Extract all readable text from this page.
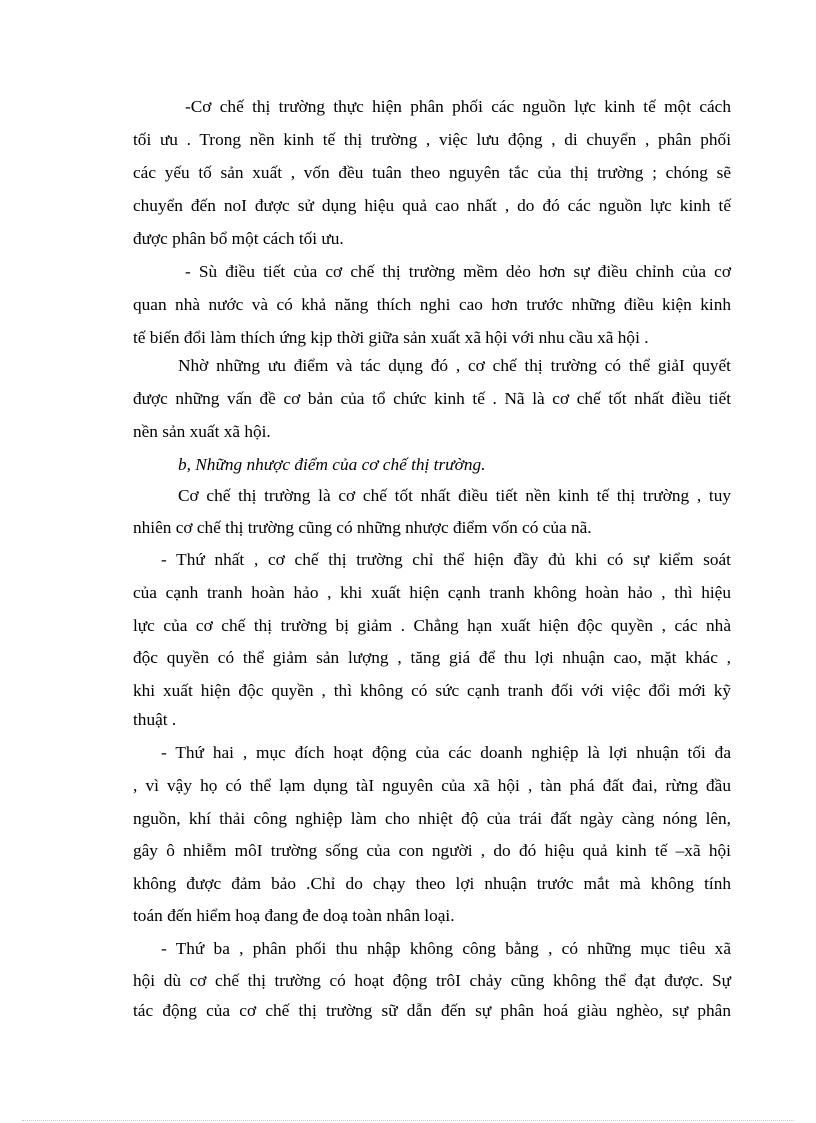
-Cơ chế thị trường thực hiện phân phối các nguồn lực kinh tế một cách
tối ưu . Trong nền kinh tế thị trường , việc lưu động , di chuyển , phân phối
các yếu tố sản xuất , vốn đều tuân theo nguyên tắc của thị trường ; chóng sẽ
chuyển đến noI được sử dụng hiệu quả cao nhất , do đó các nguồn lực kinh tế
được phân bổ một cách tối ưu.
- Sù điều tiết của cơ chế thị trường mềm dẻo hơn sự điều chỉnh của cơ
quan nhà nước và có khả năng thích nghi cao hơn trước những điều kiện kinh
tế biến đổi làm thích ứng kịp thời giữa sản xuất xã hội với nhu cầu xã hội .
Nhờ những ưu điểm và tác dụng đó , cơ chế thị trường có thể giảI quyết
được những vấn đề cơ bản của tổ chức kinh tế . Nã là cơ chế tốt nhất điều tiết
nền sản xuất xã hội.
b, Những nhược điểm của cơ chế thị trường.
Cơ chế thị trường là cơ chế tốt nhất điều tiết nền kinh tế thị trường , tuy
nhiên cơ chế thị trường cũng có những nhược điểm vốn có của nã.
- Thứ nhất , cơ chế thị trường chỉ thể hiện đầy đủ khi có sự kiểm soát
của cạnh tranh hoàn hảo , khi xuất hiện cạnh tranh không hoàn hảo , thì hiệu
lực của cơ chế thị trường bị giảm . Chẳng hạn xuất hiện độc quyền , các nhà
độc quyền có thể giảm sản lượng , tăng giá để thu lợi nhuận cao, mặt khác ,
khi xuất hiện độc quyền , thì không có sức cạnh tranh đối với việc đổi mới kỹ
thuật .
- Thứ hai , mục đích hoạt động của các doanh nghiệp là lợi nhuận tối đa
, vì vậy họ có thể lạm dụng tàI nguyên của xã hội , tàn phá đất đai, rừng đầu
nguồn, khí thải công nghiệp làm cho nhiệt độ của trái đất ngày càng nóng lên,
gây ô nhiễm môI trường sống của con người , do đó hiệu quả kinh tế –xã hội
không được đảm bảo .Chỉ do chạy theo lợi nhuận trước mắt mà không tính
toán đến hiểm hoạ đang đe doạ toàn nhân loại.
- Thứ ba , phân phối thu nhập không công bằng , có những mục tiêu xã
hội dù cơ chế thị trường có hoạt động trôI chảy cũng không thể đạt được. Sự
tác động của cơ chế thị trường sữ dẫn đến sự phân hoá giàu nghèo, sự phân
